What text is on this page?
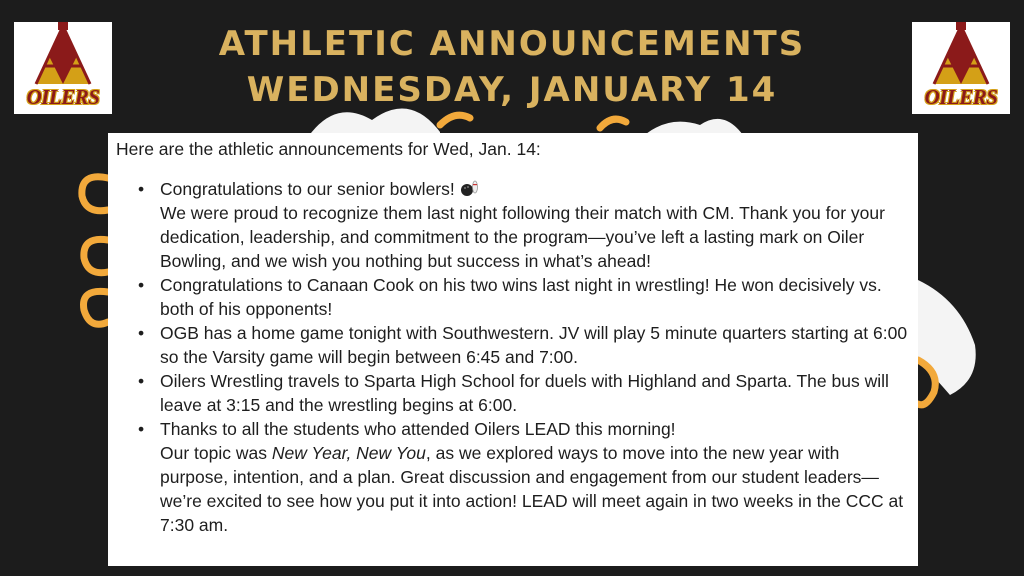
OILERS	OILERS
ATHLETIC ANNOUNCEMENTS
WEDNESDAY, JANUARY 14

Here are the athletic announcements for Wed, Jan. 14:

• Congratulations to our senior bowlers!
We were proud to recognize them last night following their match with CM. Thank you for your dedication, leadership, and commitment to the program—you’ve left a lasting mark on Oiler Bowling, and we wish you nothing but success in what’s ahead!
• Congratulations to Canaan Cook on his two wins last night in wrestling! He won decisively vs. both of his opponents!
• OGB has a home game tonight with Southwestern. JV will play 5 minute quarters starting at 6:00 so the Varsity game will begin between 6:45 and 7:00.
• Oilers Wrestling travels to Sparta High School for duels with Highland and Sparta. The bus will leave at 3:15 and the wrestling begins at 6:00.
• Thanks to all the students who attended Oilers LEAD this morning!
Our topic was New Year, New You, as we explored ways to move into the new year with purpose, intention, and a plan. Great discussion and engagement from our student leaders—we’re excited to see how you put it into action! LEAD will meet again in two weeks in the CCC at 7:30 am.
